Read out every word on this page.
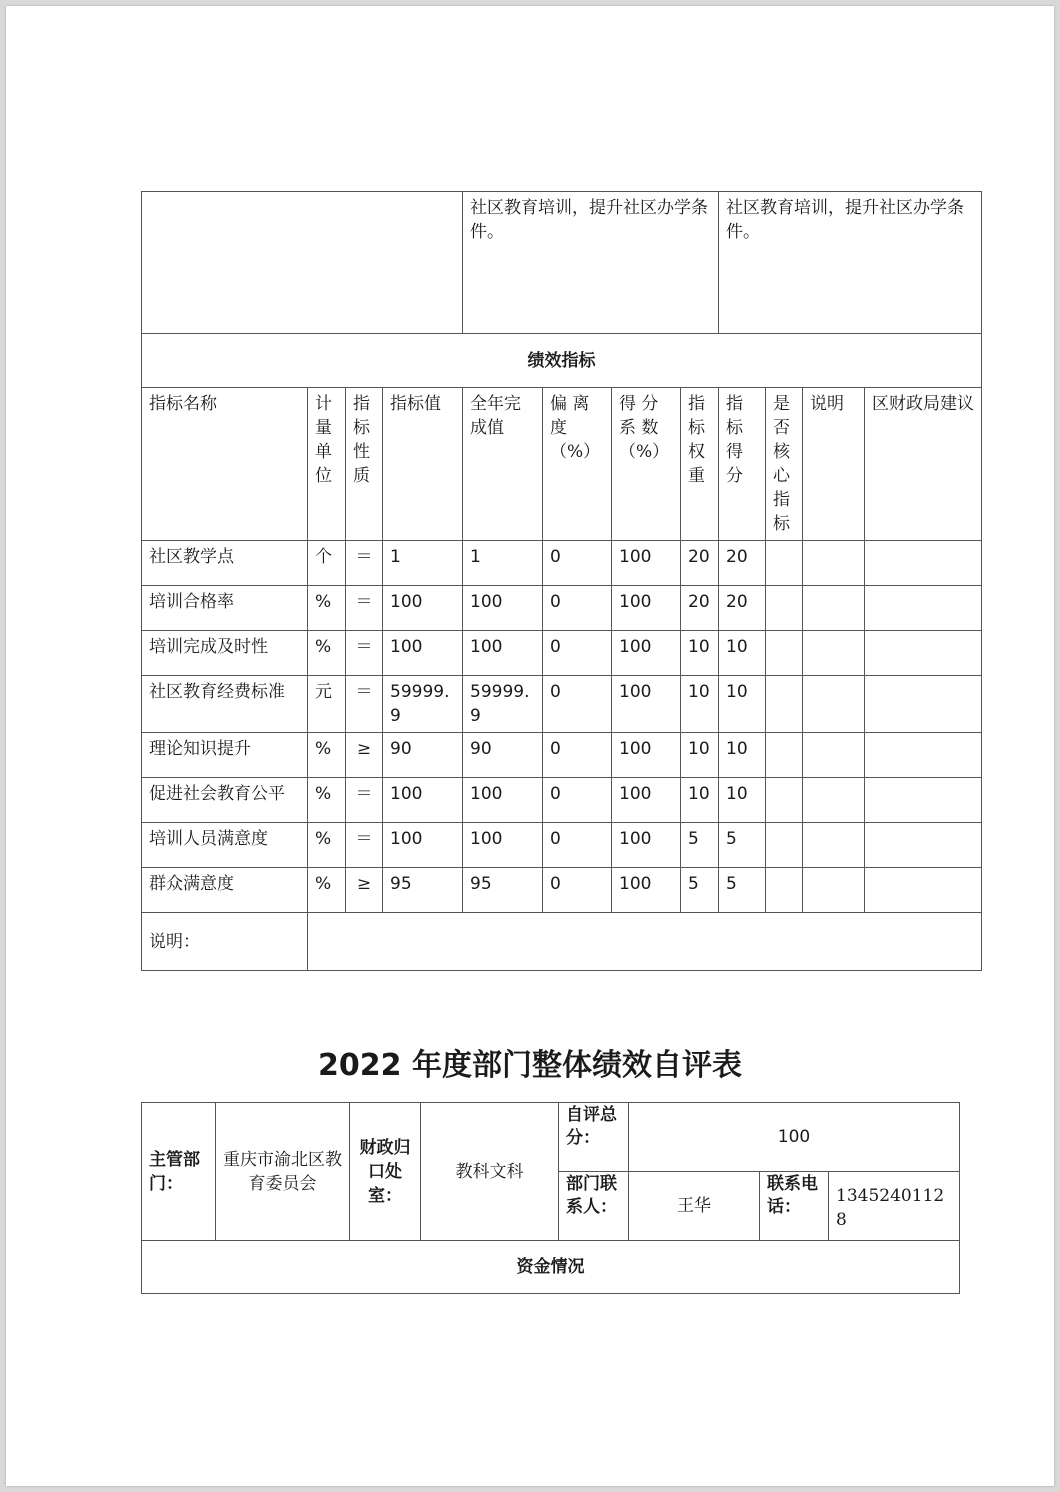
				社区教育培训，提升社区办学条件。				社区教育培训，提升社区办学条件。			
绩效指标											
指标名称	计量单位	指标性质	指标值	全年完成值	偏 离 度（%）	得 分 系 数（%）	指标权重	指标得分	是否核心指标	说明	区财政局建议
社区教学点	个	＝	1	1	0	100	20	20			
培训合格率	%	＝	100	100	0	100	20	20			
培训完成及时性	%	＝	100	100	0	100	10	10			
社区教育经费标准	元	＝	59999.9	59999.9	0	100	10	10			
理论知识提升	%	≥	90	90	0	100	10	10			
促进社会教育公平	%	＝	100	100	0	100	10	10			
培训人员满意度	%	＝	100	100	0	100	5	5			
群众满意度	%	≥	95	95	0	100	5	5			
说明：											
2022 年度部门整体绩效自评表
主管部门：	重庆市渝北区教育委员会	财政归口处室：	教科文科	自评总分：	100		
				部门联系人：	王华	联系电话：	13452401128
资金情况							
